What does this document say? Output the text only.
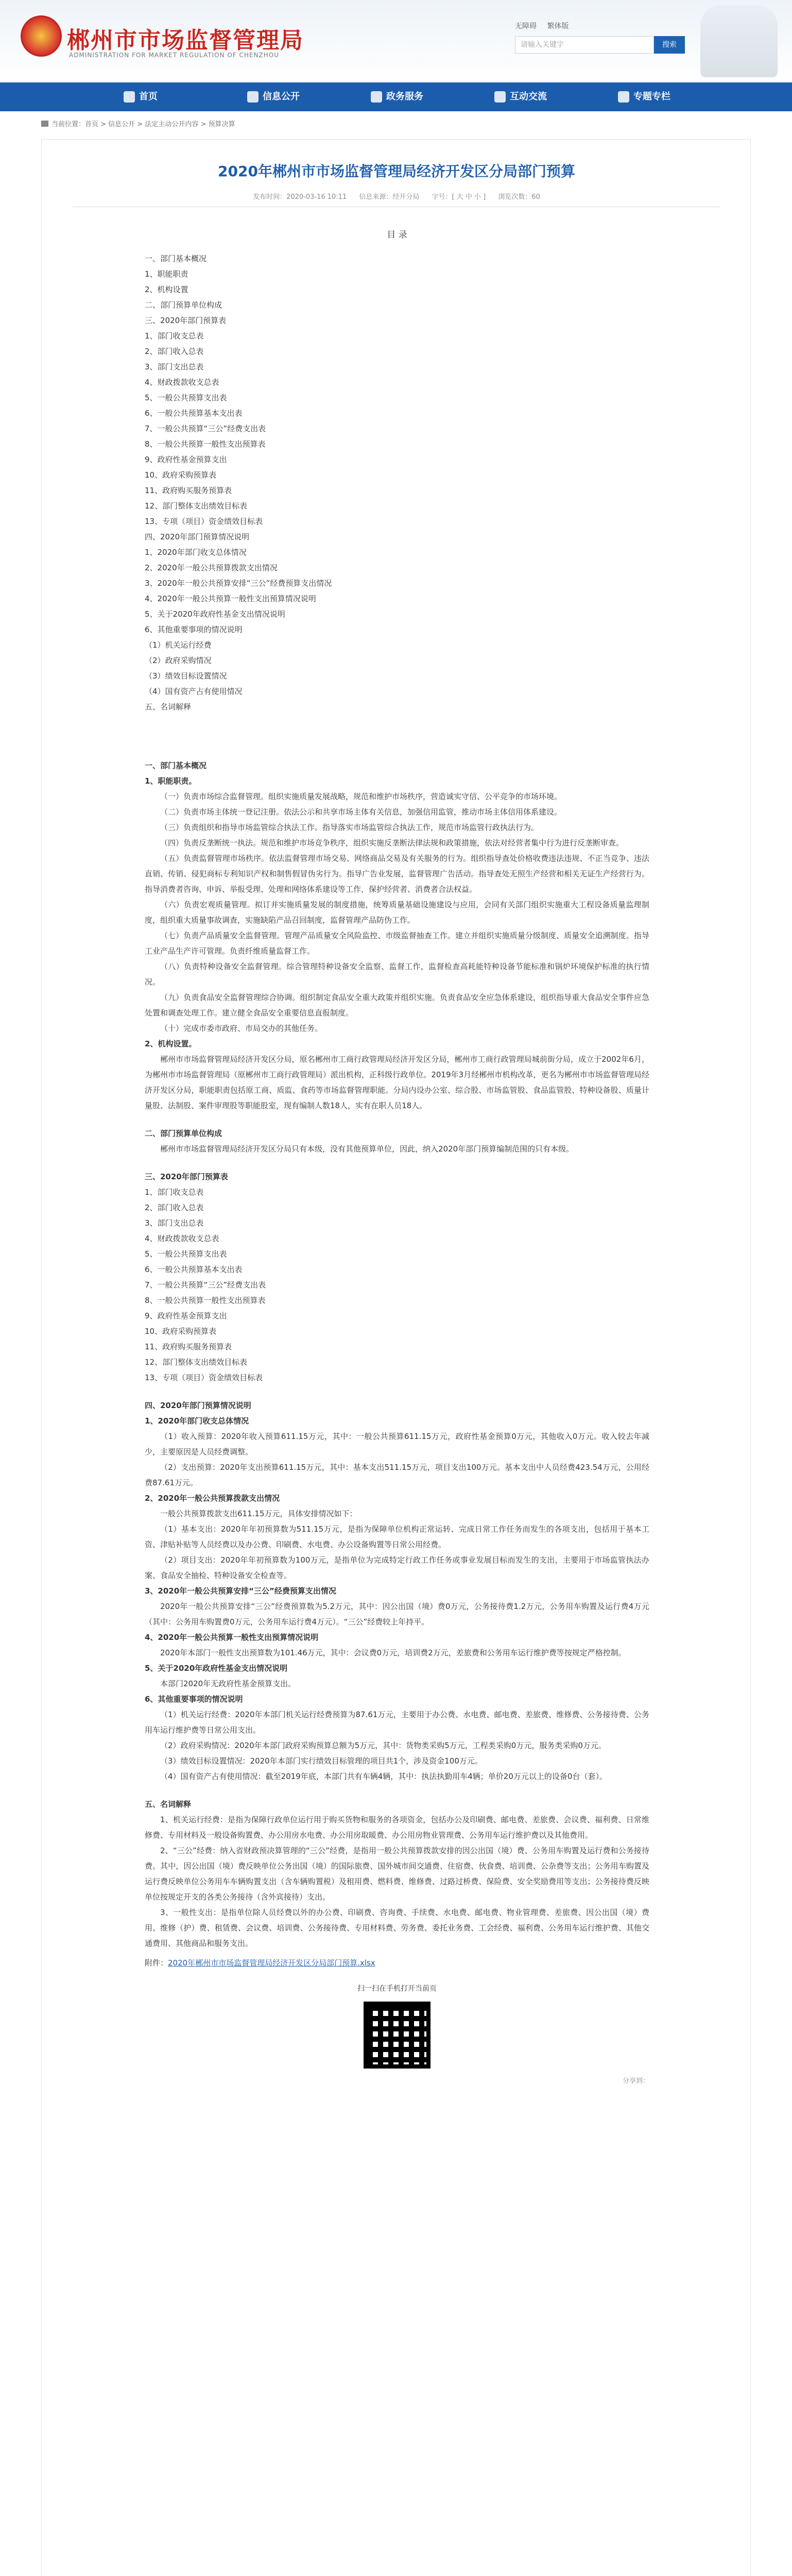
郴州市市场监督管理局
ADMINISTRATION FOR MARKET REGULATION OF CHENZHOU
无障碍 繁体版
请输入关键字	搜索
首页	信息公开	政务服务	互动交流	专题专栏
当前位置：首页 > 信息公开 > 法定主动公开内容 > 预算决算
2020年郴州市市场监督管理局经济开发区分局部门预算
发布时间：2020-03-16 10:11 信息来源：经开分局 字号：[ 大 中 小 ] 浏览次数：60
目 录
一、部门基本概况
1、职能职责
2、机构设置
二、部门预算单位构成
三、2020年部门预算表
1、部门收支总表
2、部门收入总表
3、部门支出总表
4、财政拨款收支总表
5、一般公共预算支出表
6、一般公共预算基本支出表
7、一般公共预算“三公”经费支出表
8、一般公共预算一般性支出预算表
9、政府性基金预算支出
10、政府采购预算表
11、政府购买服务预算表
12、部门整体支出绩效目标表
13、专项（项目）资金绩效目标表
四、2020年部门预算情况说明
1、2020年部门收支总体情况
2、2020年一般公共预算拨款支出情况
3、2020年一般公共预算安排“三公”经费预算支出情况
4、2020年一般公共预算一般性支出预算情况说明
5、关于2020年政府性基金支出情况说明
6、其他重要事项的情况说明
（1）机关运行经费
（2）政府采购情况
（3）绩效目标设置情况
（4）国有资产占有使用情况
五、名词解释
一、部门基本概况
1、职能职责。
（一）负责市场综合监督管理。组织实施质量发展战略，规范和维护市场秩序，营造诚实守信、公平竞争的市场环境。
（二）负责市场主体统一登记注册。依法公示和共享市场主体有关信息，加强信用监管，推动市场主体信用体系建设。
（三）负责组织和指导市场监管综合执法工作。指导落实市场监管综合执法工作，规范市场监管行政执法行为。
（四）负责反垄断统一执法。规范和维护市场竞争秩序，组织实施反垄断法律法规和政策措施，依法对经营者集中行为进行反垄断审查。
（五）负责监督管理市场秩序。依法监督管理市场交易、网络商品交易及有关服务的行为。组织指导查处价格收费违法违规、不正当竞争、违法直销、传销、侵犯商标专利知识产权和制售假冒伪劣行为。指导广告业发展，监督管理广告活动。指导查处无照生产经营和相关无证生产经营行为。指导消费者咨询、申诉、举报受理、处理和网络体系建设等工作，保护经营者、消费者合法权益。
（六）负责宏观质量管理。拟订并实施质量发展的制度措施，统筹质量基础设施建设与应用，会同有关部门组织实施重大工程设备质量监理制度，组织重大质量事故调查，实施缺陷产品召回制度，监督管理产品防伪工作。
（七）负责产品质量安全监督管理。管理产品质量安全风险监控、市级监督抽查工作。建立并组织实施质量分级制度、质量安全追溯制度。指导工业产品生产许可管理。负责纤维质量监督工作。
（八）负责特种设备安全监督管理。综合管理特种设备安全监察、监督工作，监督检查高耗能特种设备节能标准和锅炉环境保护标准的执行情况。
（九）负责食品安全监督管理综合协调。组织制定食品安全重大政策并组织实施。负责食品安全应急体系建设，组织指导重大食品安全事件应急处置和调查处理工作。建立健全食品安全重要信息直报制度。
（十）完成市委市政府、市局交办的其他任务。
2、机构设置。
郴州市市场监督管理局经济开发区分局，原名郴州市工商行政管理局经济开发区分局，郴州市工商行政管理局城前街分局，成立于2002年6月，为郴州市市场监督管理局（原郴州市工商行政管理局）派出机构，正科级行政单位。2019年3月经郴州市机构改革，更名为郴州市市场监督管理局经济开发区分局，职能职责包括原工商、质监、食药等市场监督管理职能。分局内设办公室、综合股、市场监管股、食品监管股、特种设备股、质量计量股、法制股、案件审理股等职能股室，现有编制人数18人，实有在职人员18人。
二、部门预算单位构成
郴州市市场监督管理局经济开发区分局只有本级，没有其他预算单位，因此，纳入2020年部门预算编制范围的只有本级。
三、2020年部门预算表
1、部门收支总表
2、部门收入总表
3、部门支出总表
4、财政拨款收支总表
5、一般公共预算支出表
6、一般公共预算基本支出表
7、一般公共预算“三公”经费支出表
8、一般公共预算一般性支出预算表
9、政府性基金预算支出
10、政府采购预算表
11、政府购买服务预算表
12、部门整体支出绩效目标表
13、专项（项目）资金绩效目标表
四、2020年部门预算情况说明
1、2020年部门收支总体情况
（1）收入预算：2020年收入预算611.15万元，其中：一般公共预算611.15万元，政府性基金预算0万元，其他收入0万元。收入较去年减少，主要原因是人员经费调整。
（2）支出预算：2020年支出预算611.15万元，其中：基本支出511.15万元，项目支出100万元。基本支出中人员经费423.54万元，公用经费87.61万元。
2、2020年一般公共预算拨款支出情况
一般公共预算拨款支出611.15万元，具体安排情况如下：
（1）基本支出：2020年年初预算数为511.15万元，是指为保障单位机构正常运转、完成日常工作任务而发生的各项支出，包括用于基本工资、津贴补贴等人员经费以及办公费、印刷费、水电费、办公设备购置等日常公用经费。
（2）项目支出：2020年年初预算数为100万元，是指单位为完成特定行政工作任务或事业发展目标而发生的支出，主要用于市场监管执法办案、食品安全抽检、特种设备安全检查等。
3、2020年一般公共预算安排“三公”经费预算支出情况
2020年一般公共预算安排“三公”经费预算数为5.2万元，其中：因公出国（境）费0万元，公务接待费1.2万元，公务用车购置及运行费4万元（其中：公务用车购置费0万元，公务用车运行费4万元）。“三公”经费较上年持平。
4、2020年一般公共预算一般性支出预算情况说明
2020年本部门一般性支出预算数为101.46万元，其中：会议费0万元，培训费2万元，差旅费和公务用车运行维护费等按规定严格控制。
5、关于2020年政府性基金支出情况说明
本部门2020年无政府性基金预算支出。
6、其他重要事项的情况说明
（1）机关运行经费：2020年本部门机关运行经费预算为87.61万元，主要用于办公费、水电费、邮电费、差旅费、维修费、公务接待费、公务用车运行维护费等日常公用支出。
（2）政府采购情况：2020年本部门政府采购预算总额为5万元，其中：货物类采购5万元，工程类采购0万元，服务类采购0万元。
（3）绩效目标设置情况：2020年本部门实行绩效目标管理的项目共1个，涉及资金100万元。
（4）国有资产占有使用情况：截至2019年底，本部门共有车辆4辆，其中：执法执勤用车4辆；单价20万元以上的设备0台（套）。
五、名词解释
1、机关运行经费：是指为保障行政单位运行用于购买货物和服务的各项资金，包括办公及印刷费、邮电费、差旅费、会议费、福利费、日常维修费、专用材料及一般设备购置费、办公用房水电费、办公用房取暖费、办公用房物业管理费、公务用车运行维护费以及其他费用。
2、“三公”经费：纳入省财政预决算管理的“三公”经费，是指用一般公共预算拨款安排的因公出国（境）费、公务用车购置及运行费和公务接待费。其中，因公出国（境）费反映单位公务出国（境）的国际旅费、国外城市间交通费、住宿费、伙食费、培训费、公杂费等支出；公务用车购置及运行费反映单位公务用车车辆购置支出（含车辆购置税）及租用费、燃料费、维修费、过路过桥费、保险费、安全奖励费用等支出；公务接待费反映单位按规定开支的各类公务接待（含外宾接待）支出。
3、一般性支出：是指单位除人员经费以外的办公费、印刷费、咨询费、手续费、水电费、邮电费、物业管理费、差旅费、因公出国（境）费用、维修（护）费、租赁费、会议费、培训费、公务接待费、专用材料费、劳务费、委托业务费、工会经费、福利费、公务用车运行维护费、其他交通费用、其他商品和服务支出。
附件：2020年郴州市市场监督管理局经济开发区分局部门预算.xlsx
扫一扫在手机打开当前页
分享到：
